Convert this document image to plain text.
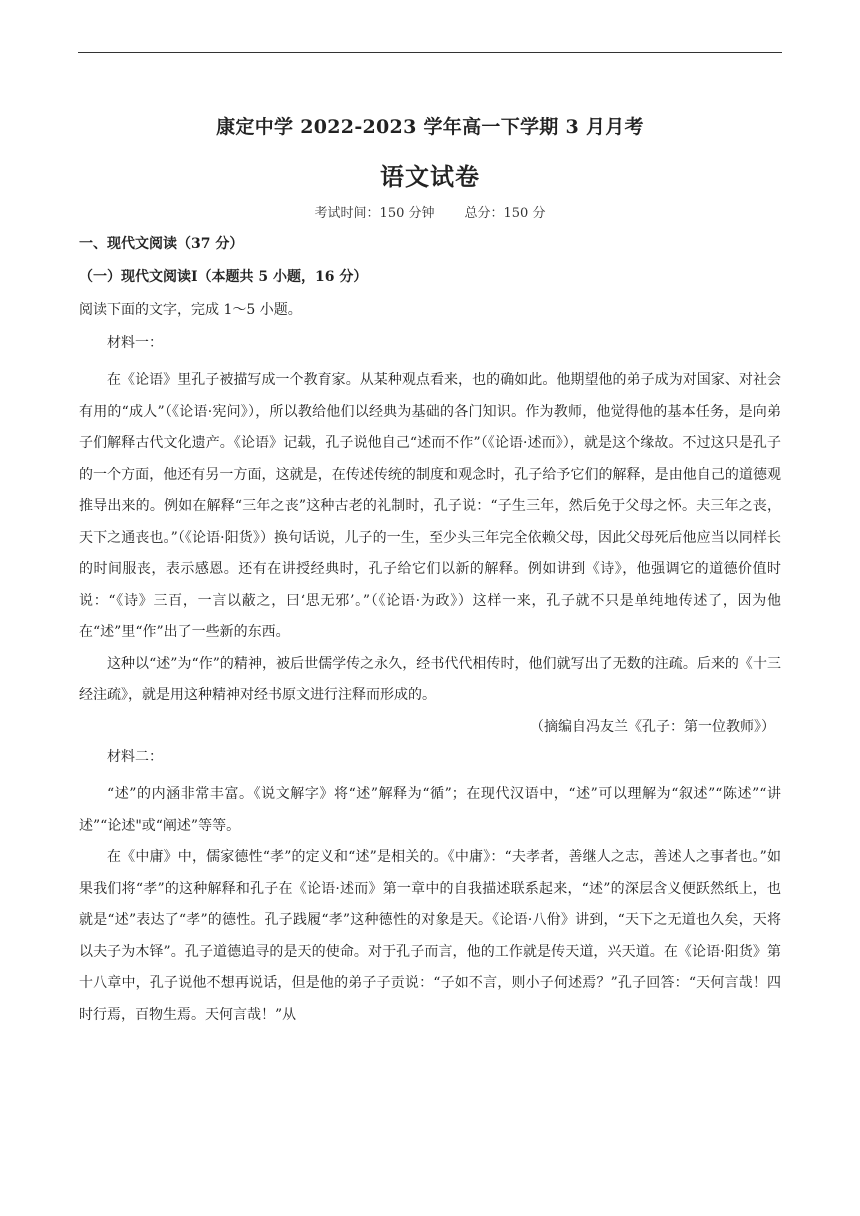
康定中学 2022-2023 学年高一下学期 3 月月考
语文试卷
考试时间：150 分钟 总分：150 分
一、现代文阅读（37 分）
（一）现代文阅读Ⅰ（本题共 5 小题，16 分）
阅读下面的文字，完成 1～5 小题。
材料一：

在《论语》里孔子被描写成一个教育家。从某种观点看来，也的确如此。他期望他的弟子成为对国家、对社会有用的“成人”（《论语·宪问》），所以教给他们以经典为基础的各门知识。作为教师，他觉得他的基本任务，是向弟子们解释古代文化遗产。《论语》记载，孔子说他自己“述而不作”（《论语·述而》），就是这个缘故。不过这只是孔子的一个方面，他还有另一方面，这就是，在传述传统的制度和观念时，孔子给予它们的解释，是由他自己的道德观推导出来的。例如在解释“三年之丧”这种古老的礼制时，孔子说：“子生三年，然后免于父母之怀。夫三年之丧，天下之通丧也。”（《论语·阳货》）换句话说，儿子的一生，至少头三年完全依赖父母，因此父母死后他应当以同样长的时间服丧，表示感恩。还有在讲授经典时，孔子给它们以新的解释。例如讲到《诗》，他强调它的道德价值时说：“《诗》三百，一言以蔽之，曰‘思无邪’。”（《论语·为政》）这样一来，孔子就不只是单纯地传述了，因为他在“述”里“作”出了一些新的东西。

这种以“述”为“作”的精神，被后世儒学传之永久，经书代代相传时，他们就写出了无数的注疏。后来的《十三经注疏》，就是用这种精神对经书原文进行注释而形成的。

（摘编自冯友兰《孔子：第一位教师》）
材料二：

“述”的内涵非常丰富。《说文解字》将“述”解释为“循”；在现代汉语中，“述”可以理解为“叙述”“陈述”“讲述”“论述"或“阐述”等等。

在《中庸》中，儒家德性“孝”的定义和“述”是相关的。《中庸》：“夫孝者，善继人之志，善述人之事者也。”如果我们将“孝”的这种解释和孔子在《论语·述而》第一章中的自我描述联系起来，“述”的深层含义便跃然纸上，也就是“述”表达了“孝”的德性。孔子践履“孝”这种德性的对象是天。《论语·八佾》讲到，“天下之无道也久矣，天将以夫子为木铎”。孔子道德追寻的是天的使命。对于孔子而言，他的工作就是传天道，兴天道。在《论语·阳货》第十八章中，孔子说他不想再说话，但是他的弟子子贡说：“子如不言，则小子何述焉？”孔子回答：“天何言哉！四时行焉，百物生焉。天何言哉！”从
